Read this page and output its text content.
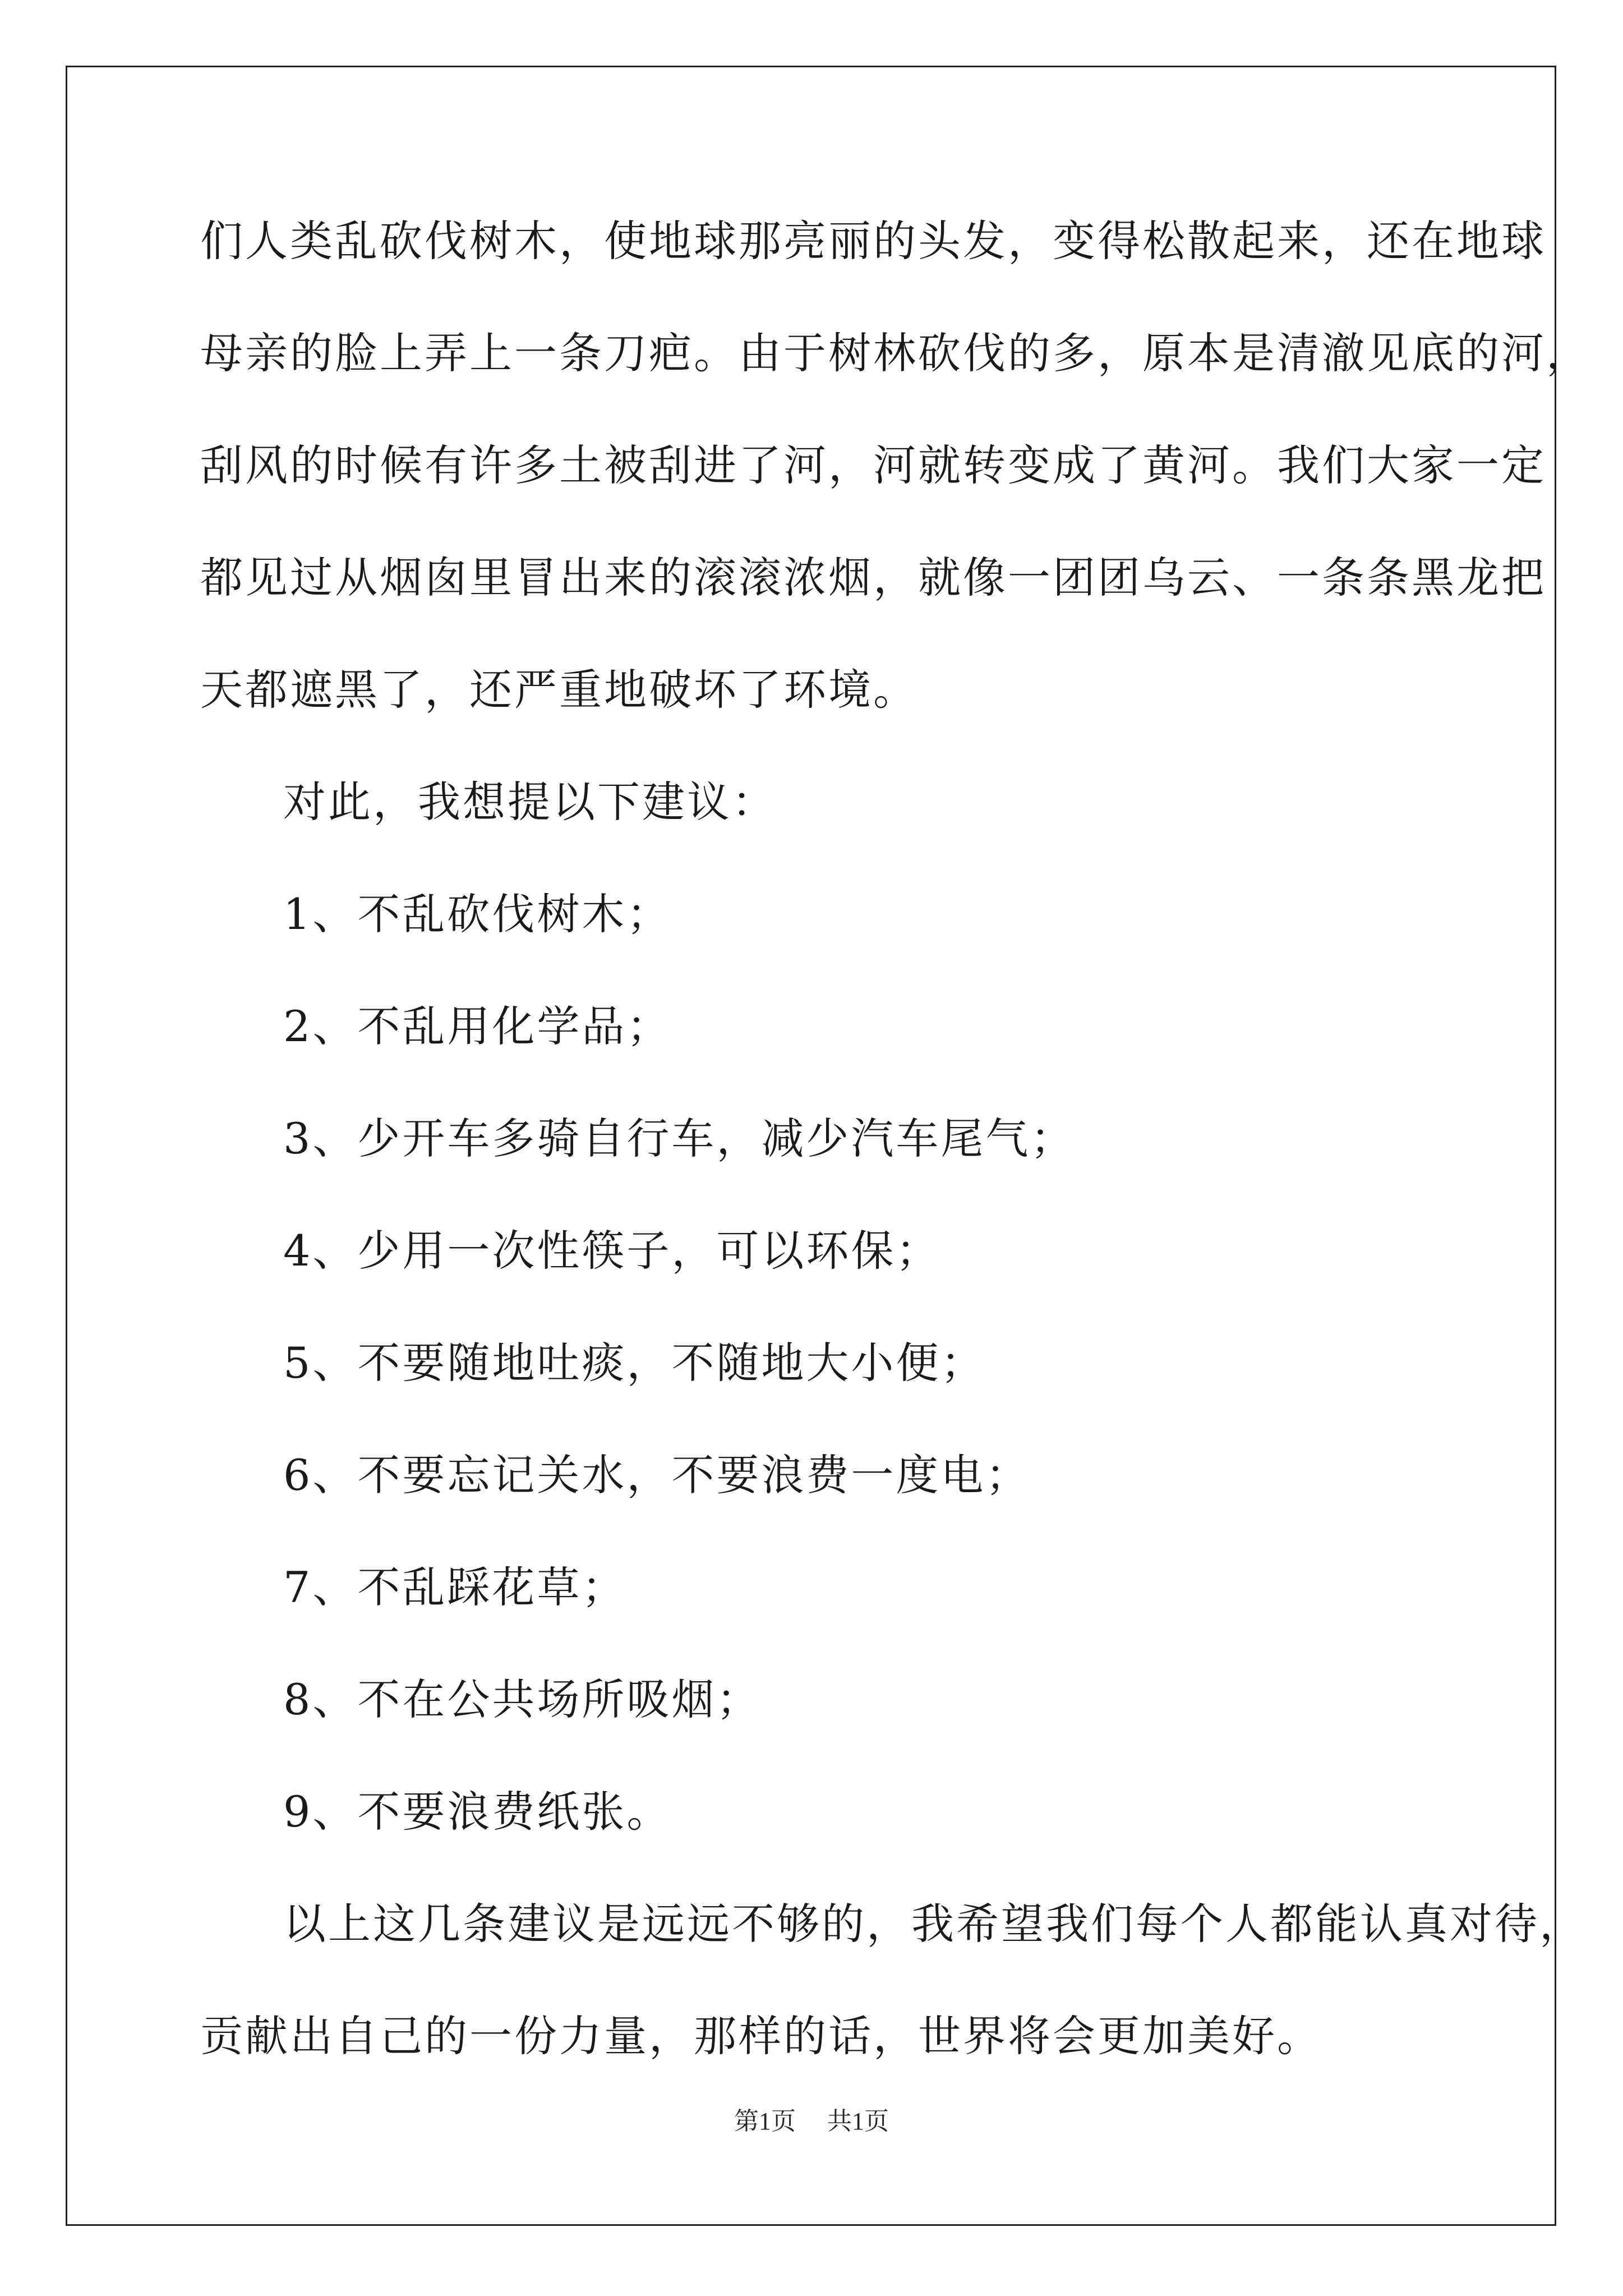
们人类乱砍伐树木，使地球那亮丽的头发，变得松散起来，还在地球
母亲的脸上弄上一条刀疤。由于树林砍伐的多，原本是清澈见底的河，
刮风的时候有许多土被刮进了河，河就转变成了黄河。我们大家一定
都见过从烟囱里冒出来的滚滚浓烟，就像一团团乌云、一条条黑龙把
天都遮黑了，还严重地破坏了环境。
对此，我想提以下建议：
1、不乱砍伐树木；
2、不乱用化学品；
3、少开车多骑自行车，减少汽车尾气；
4、少用一次性筷子，可以环保；
5、不要随地吐痰，不随地大小便；
6、不要忘记关水，不要浪费一度电；
7、不乱踩花草；
8、不在公共场所吸烟；
9、不要浪费纸张。
以上这几条建议是远远不够的，我希望我们每个人都能认真对待，
贡献出自己的一份力量，那样的话，世界将会更加美好。
第1页 共1页
